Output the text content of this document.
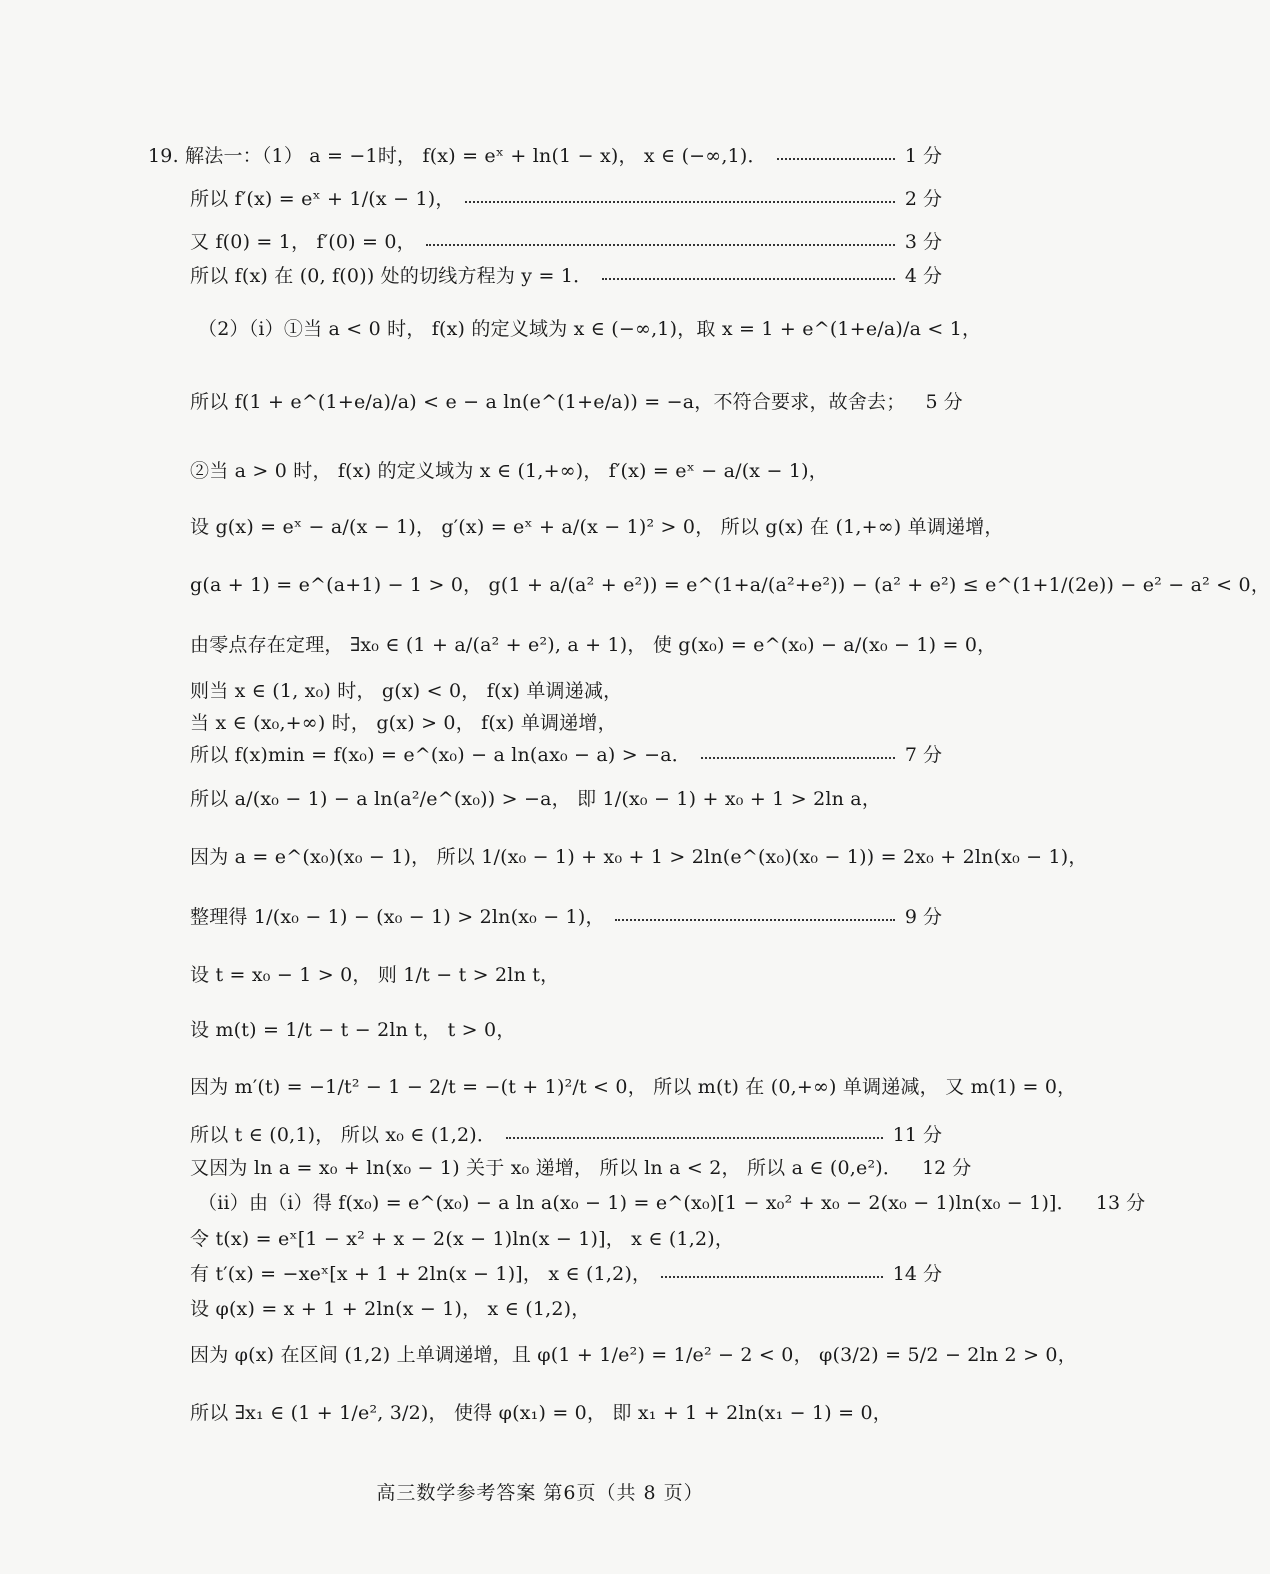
19. 解法一：（1） a = −1时， f(x) = eˣ + ln(1 − x)， x ∈ (−∞,1)．	1 分
所以 f′(x) = eˣ + 1/(x − 1)，	2 分
又 f(0) = 1， f′(0) = 0，	3 分
所以 f(x) 在 (0, f(0)) 处的切线方程为 y = 1．	4 分
（2）（i）①当 a < 0 时， f(x) 的定义域为 x ∈ (−∞,1)，取 x = 1 + e^(1+e/a)/a < 1，
所以 f(1 + e^(1+e/a)/a) < e − a ln(e^(1+e/a)) = −a，不符合要求，故舍去； 5 分
②当 a > 0 时， f(x) 的定义域为 x ∈ (1,+∞)， f′(x) = eˣ − a/(x − 1)，
设 g(x) = eˣ − a/(x − 1)， g′(x) = eˣ + a/(x − 1)² > 0， 所以 g(x) 在 (1,+∞) 单调递增，
g(a + 1) = e^(a+1) − 1 > 0， g(1 + a/(a² + e²)) = e^(1+a/(a²+e²)) − (a² + e²) ≤ e^(1+1/(2e)) − e² − a² < 0，
由零点存在定理， ∃x₀ ∈ (1 + a/(a² + e²), a + 1)， 使 g(x₀) = e^(x₀) − a/(x₀ − 1) = 0，
则当 x ∈ (1, x₀) 时， g(x) < 0， f(x) 单调递减，
当 x ∈ (x₀,+∞) 时， g(x) > 0， f(x) 单调递增，
所以 f(x)min = f(x₀) = e^(x₀) − a ln(ax₀ − a) > −a．	7 分
所以 a/(x₀ − 1) − a ln(a²/e^(x₀)) > −a， 即 1/(x₀ − 1) + x₀ + 1 > 2ln a，
因为 a = e^(x₀)(x₀ − 1)， 所以 1/(x₀ − 1) + x₀ + 1 > 2ln(e^(x₀)(x₀ − 1)) = 2x₀ + 2ln(x₀ − 1)，
整理得 1/(x₀ − 1) − (x₀ − 1) > 2ln(x₀ − 1)，	9 分
设 t = x₀ − 1 > 0， 则 1/t − t > 2ln t，
设 m(t) = 1/t − t − 2ln t， t > 0，
因为 m′(t) = −1/t² − 1 − 2/t = −(t + 1)²/t < 0， 所以 m(t) 在 (0,+∞) 单调递减， 又 m(1) = 0，
所以 t ∈ (0,1)， 所以 x₀ ∈ (1,2)．	11 分
又因为 ln a = x₀ + ln(x₀ − 1) 关于 x₀ 递增， 所以 ln a < 2， 所以 a ∈ (0,e²)． 12 分
（ii）由（i）得 f(x₀) = e^(x₀) − a ln a(x₀ − 1) = e^(x₀)[1 − x₀² + x₀ − 2(x₀ − 1)ln(x₀ − 1)]． 13 分
令 t(x) = eˣ[1 − x² + x − 2(x − 1)ln(x − 1)]， x ∈ (1,2)，
有 t′(x) = −xeˣ[x + 1 + 2ln(x − 1)]， x ∈ (1,2)，	14 分
设 φ(x) = x + 1 + 2ln(x − 1)， x ∈ (1,2)，
因为 φ(x) 在区间 (1,2) 上单调递增，且 φ(1 + 1/e²) = 1/e² − 2 < 0， φ(3/2) = 5/2 − 2ln 2 > 0，
所以 ∃x₁ ∈ (1 + 1/e², 3/2)， 使得 φ(x₁) = 0， 即 x₁ + 1 + 2ln(x₁ − 1) = 0，
高三数学参考答案 第6页（共 8 页）
